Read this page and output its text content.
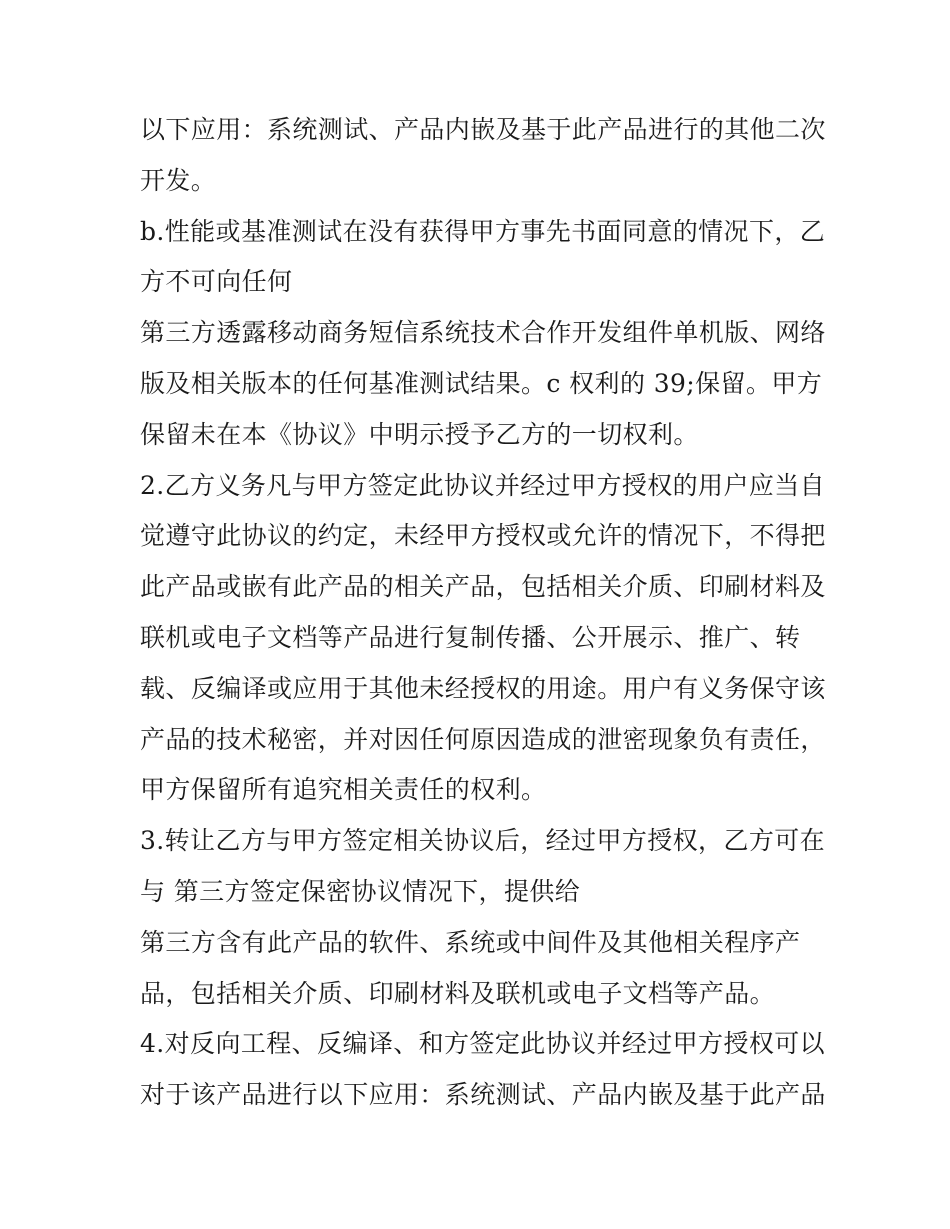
以下应用：系统测试、产品内嵌及基于此产品进行的其他二次
开发。
b.性能或基准测试在没有获得甲方事先书面同意的情况下，乙
方不可向任何
第三方透露移动商务短信系统技术合作开发组件单机版、网络
版及相关版本的任何基准测试结果。c 权利的 39;保留。甲方
保留未在本《协议》中明示授予乙方的一切权利。
2.乙方义务凡与甲方签定此协议并经过甲方授权的用户应当自
觉遵守此协议的约定，未经甲方授权或允许的情况下，不得把
此产品或嵌有此产品的相关产品，包括相关介质、印刷材料及
联机或电子文档等产品进行复制传播、公开展示、推广、转
载、反编译或应用于其他未经授权的用途。用户有义务保守该
产品的技术秘密，并对因任何原因造成的泄密现象负有责任，
甲方保留所有追究相关责任的权利。
3.转让乙方与甲方签定相关协议后，经过甲方授权，乙方可在
与 第三方签定保密协议情况下，提供给
第三方含有此产品的软件、系统或中间件及其他相关程序产
品，包括相关介质、印刷材料及联机或电子文档等产品。
4.对反向工程、反编译、和方签定此协议并经过甲方授权可以
对于该产品进行以下应用：系统测试、产品内嵌及基于此产品
